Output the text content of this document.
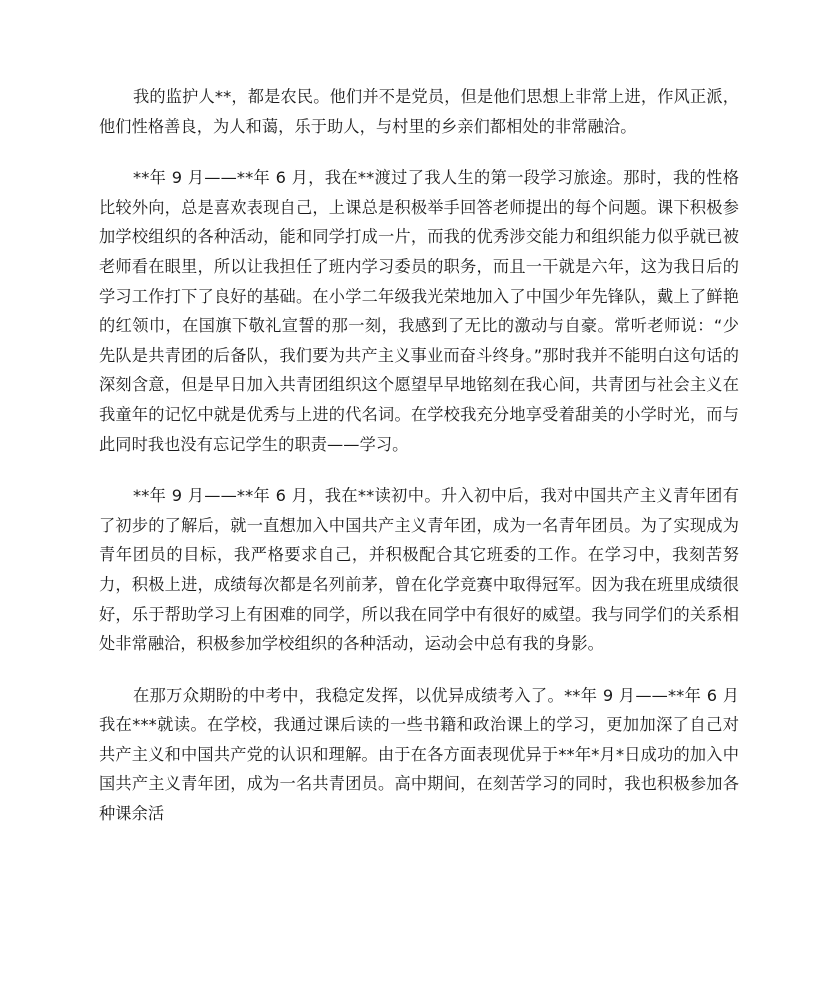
我的监护人**，都是农民。他们并不是党员，但是他们思想上非常上进，作风正派，他们性格善良，为人和蔼，乐于助人，与村里的乡亲们都相处的非常融洽。

**年 9 月——**年 6 月，我在**渡过了我人生的第一段学习旅途。那时，我的性格比较外向，总是喜欢表现自己，上课总是积极举手回答老师提出的每个问题。课下积极参加学校组织的各种活动，能和同学打成一片，而我的优秀涉交能力和组织能力似乎就已被老师看在眼里，所以让我担任了班内学习委员的职务，而且一干就是六年，这为我日后的学习工作打下了良好的基础。在小学二年级我光荣地加入了中国少年先锋队，戴上了鲜艳的红领巾，在国旗下敬礼宣誓的那一刻，我感到了无比的激动与自豪。常听老师说：“少先队是共青团的后备队，我们要为共产主义事业而奋斗终身。”那时我并不能明白这句话的深刻含意，但是早日加入共青团组织这个愿望早早地铭刻在我心间，共青团与社会主义在我童年的记忆中就是优秀与上进的代名词。在学校我充分地享受着甜美的小学时光，而与此同时我也没有忘记学生的职责——学习。

**年 9 月——**年 6 月，我在**读初中。升入初中后，我对中国共产主义青年团有了初步的了解后，就一直想加入中国共产主义青年团，成为一名青年团员。为了实现成为青年团员的目标，我严格要求自己，并积极配合其它班委的工作。在学习中，我刻苦努力，积极上进，成绩每次都是名列前茅，曾在化学竞赛中取得冠军。因为我在班里成绩很好，乐于帮助学习上有困难的同学，所以我在同学中有很好的威望。我与同学们的关系相处非常融洽，积极参加学校组织的各种活动，运动会中总有我的身影。

在那万众期盼的中考中，我稳定发挥，以优异成绩考入了。**年 9 月——**年 6 月我在***就读。在学校，我通过课后读的一些书籍和政治课上的学习，更加加深了自己对共产主义和中国共产党的认识和理解。由于在各方面表现优异于**年*月*日成功的加入中国共产主义青年团，成为一名共青团员。高中期间，在刻苦学习的同时，我也积极参加各种课余活
